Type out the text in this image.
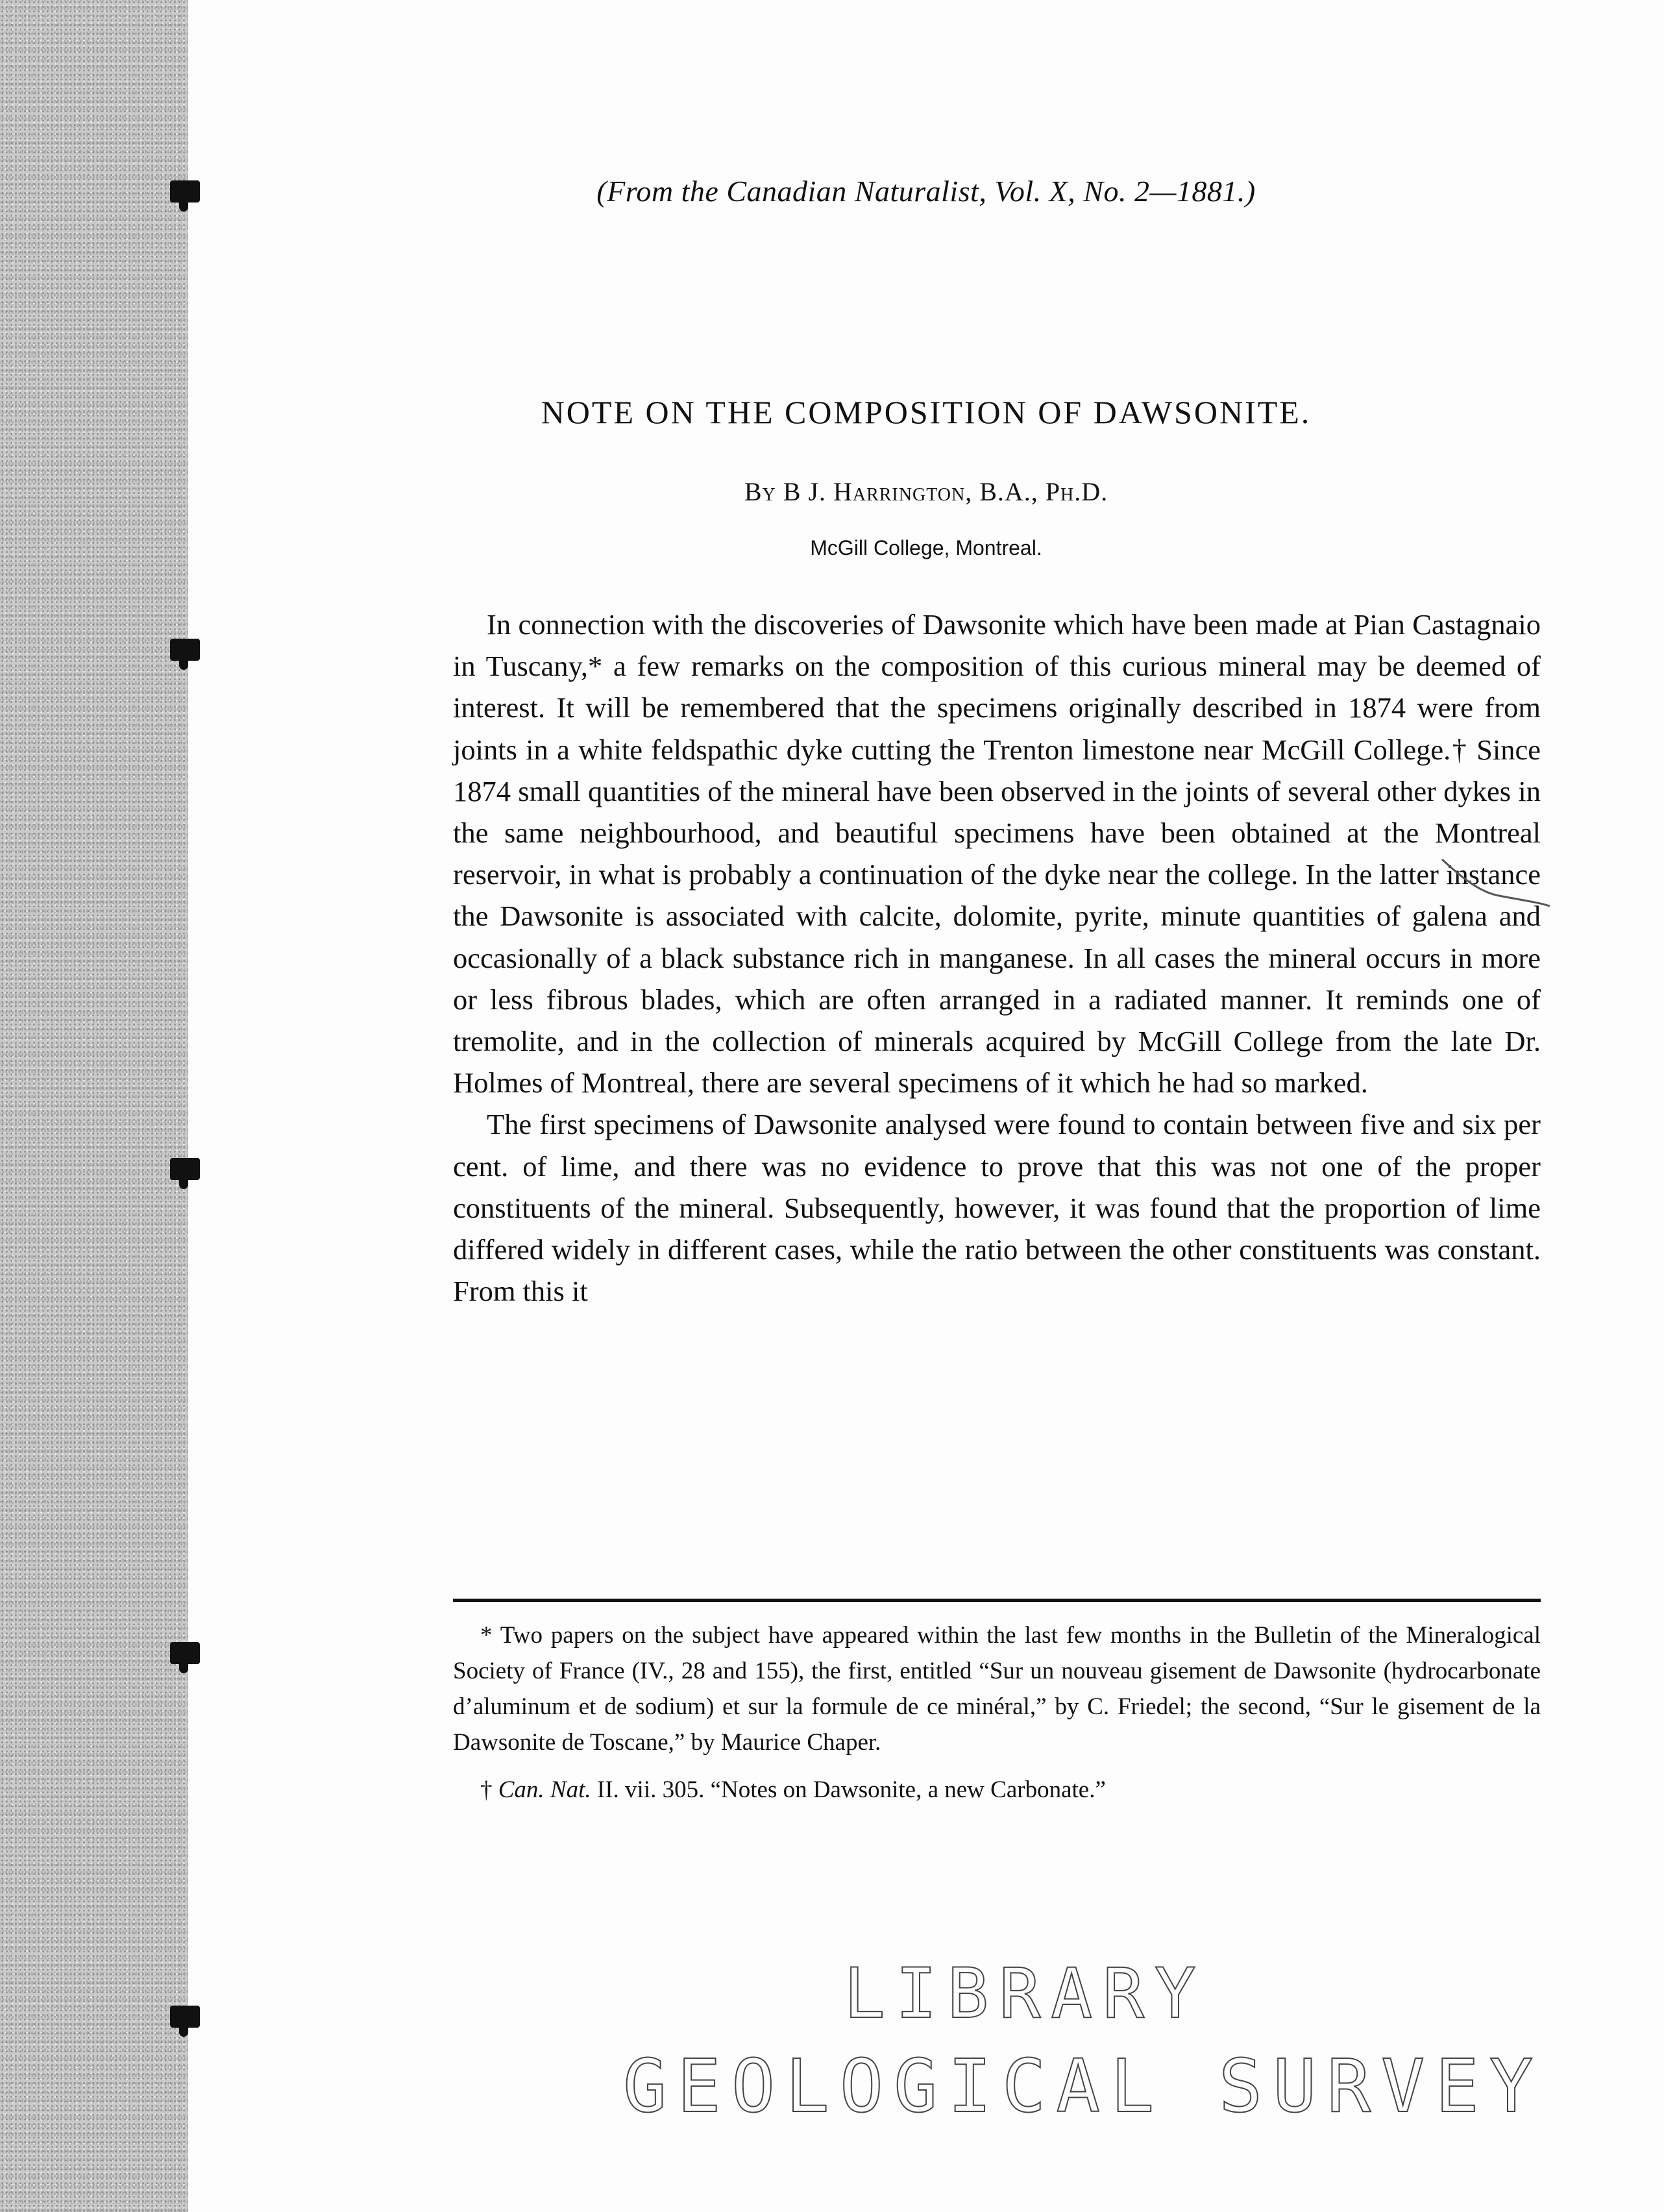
(From the Canadian Naturalist, Vol. X, No. 2—1881.)
NOTE ON THE COMPOSITION OF DAWSONITE.
By B J. Harrington, B.A., Ph.D.
McGill College, Montreal.

In connection with the discoveries of Dawsonite which have been made at Pian Castagnaio in Tuscany,* a few remarks on the composition of this curious mineral may be deemed of interest. It will be remembered that the specimens originally described in 1874 were from joints in a white feldspathic dyke cutting the Trenton limestone near McGill College.† Since 1874 small quantities of the mineral have been observed in the joints of several other dykes in the same neighbourhood, and beautiful specimens have been obtained at the Montreal reservoir, in what is probably a continuation of the dyke near the college. In the latter instance the Dawsonite is associated with calcite, dolomite, pyrite, minute quantities of galena and occasionally of a black substance rich in manganese. In all cases the mineral occurs in more or less fibrous blades, which are often arranged in a radiated manner. It reminds one of tremolite, and in the collection of minerals acquired by McGill College from the late Dr. Holmes of Montreal, there are several specimens of it which he had so marked.

The first specimens of Dawsonite analysed were found to contain between five and six per cent. of lime, and there was no evidence to prove that this was not one of the proper constituents of the mineral. Subsequently, however, it was found that the proportion of lime differed widely in different cases, while the ratio between the other constituents was constant. From this it

* Two papers on the subject have appeared within the last few months in the Bulletin of the Mineralogical Society of France (IV., 28 and 155), the first, entitled “Sur un nouveau gisement de Dawsonite (hydrocarbonate d’aluminum et de sodium) et sur la formule de ce minéral,” by C. Friedel; the second, “Sur le gisement de la Dawsonite de Toscane,” by Maurice Chaper.

† Can. Nat. II. vii. 305. “Notes on Dawsonite, a new Carbonate.”

LIBRARY
GEOLOGICAL SURVEY
